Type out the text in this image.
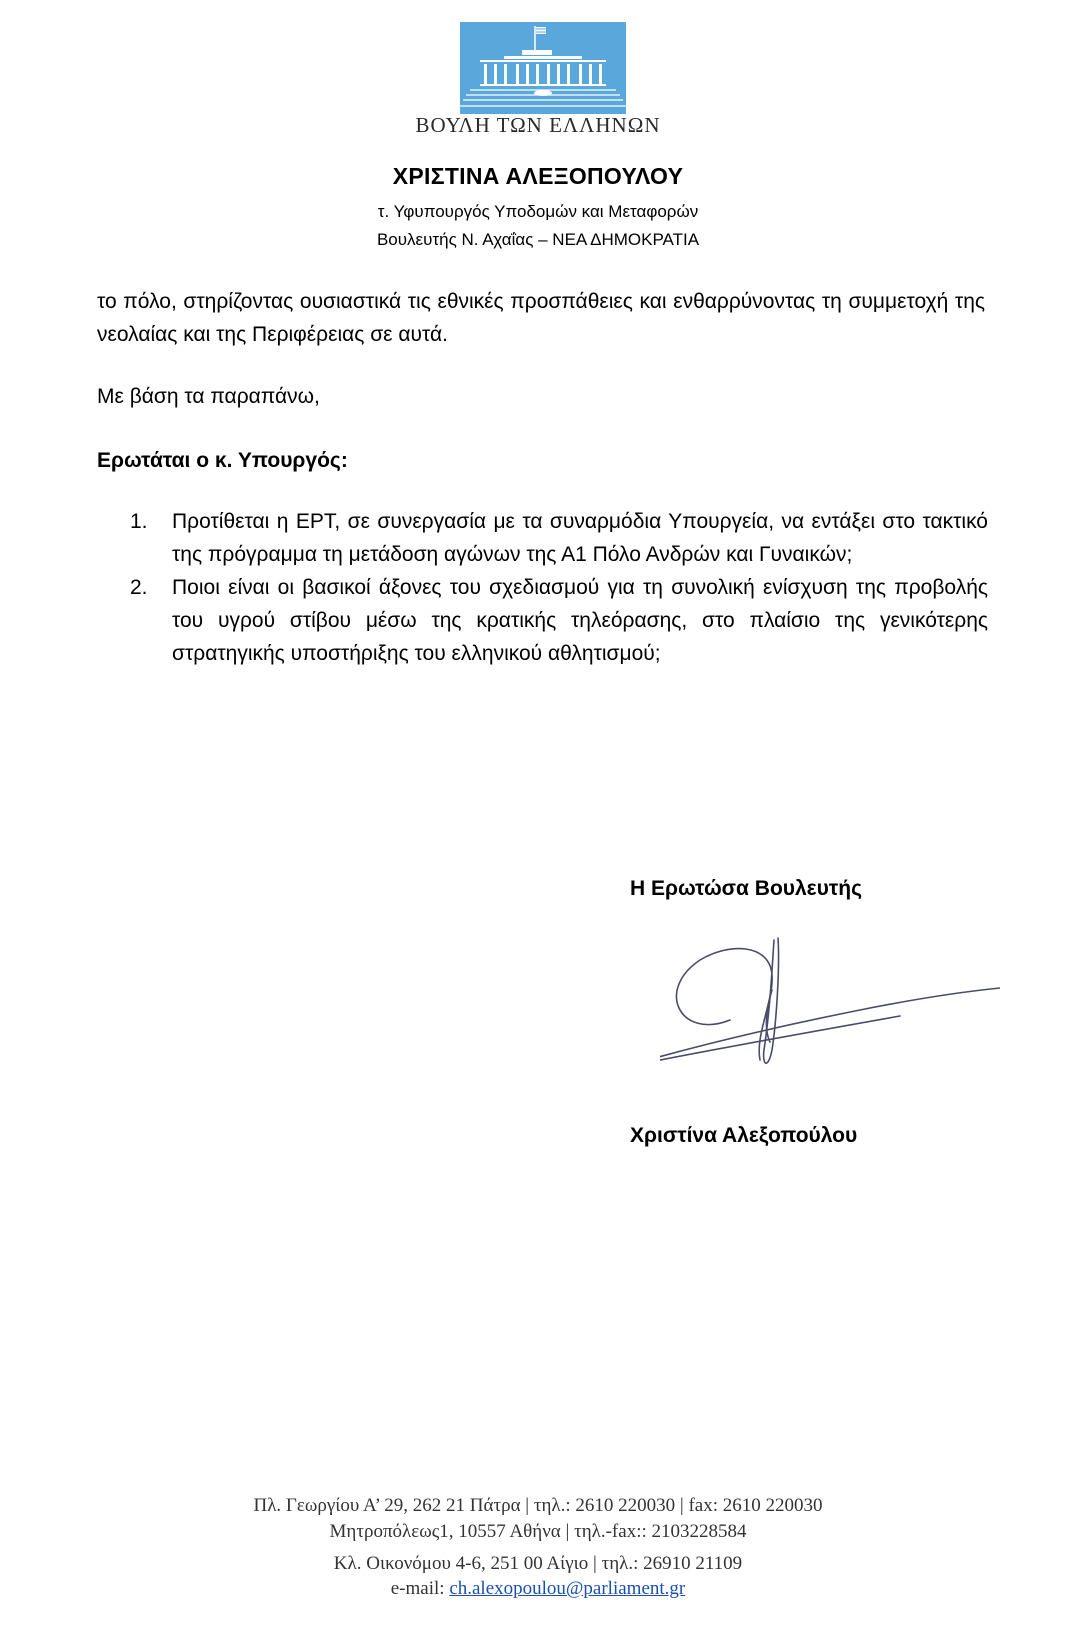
ΒΟΥΛΗ ΤΩΝ ΕΛΛΗΝΩΝ
ΧΡΙΣΤΙΝΑ ΑΛΕΞΟΠΟΥΛΟΥ
τ. Υφυπουργός Υποδομών και Μεταφορών
Βουλευτής Ν. Αχαΐας – ΝΕΑ ΔΗΜΟΚΡΑΤΙΑ
το πόλο, στηρίζοντας ουσιαστικά τις εθνικές προσπάθειες και ενθαρρύνοντας τη συμμετοχή της νεολαίας και της Περιφέρειας σε αυτά.
Με βάση τα παραπάνω,
Ερωτάται ο κ. Υπουργός:
1. Προτίθεται η ΕΡΤ, σε συνεργασία με τα συναρμόδια Υπουργεία, να εντάξει στο τακτικό της πρόγραμμα τη μετάδοση αγώνων της Α1 Πόλο Ανδρών και Γυναικών;
2. Ποιοι είναι οι βασικοί άξονες του σχεδιασμού για τη συνολική ενίσχυση της προβολής του υγρού στίβου μέσω της κρατικής τηλεόρασης, στο πλαίσιο της γενικότερης στρατηγικής υποστήριξης του ελληνικού αθλητισμού;
Η Ερωτώσα Βουλευτής
Χριστίνα Αλεξοπούλου
Πλ. Γεωργίου Α’ 29, 262 21 Πάτρα | τηλ.: 2610 220030 | fax: 2610 220030
Μητροπόλεως1, 10557 Αθήνα | τηλ.-fax:: 2103228584
Κλ. Οικονόμου 4-6, 251 00 Αίγιο | τηλ.: 26910 21109
e-mail: ch.alexopoulou@parliament.gr
